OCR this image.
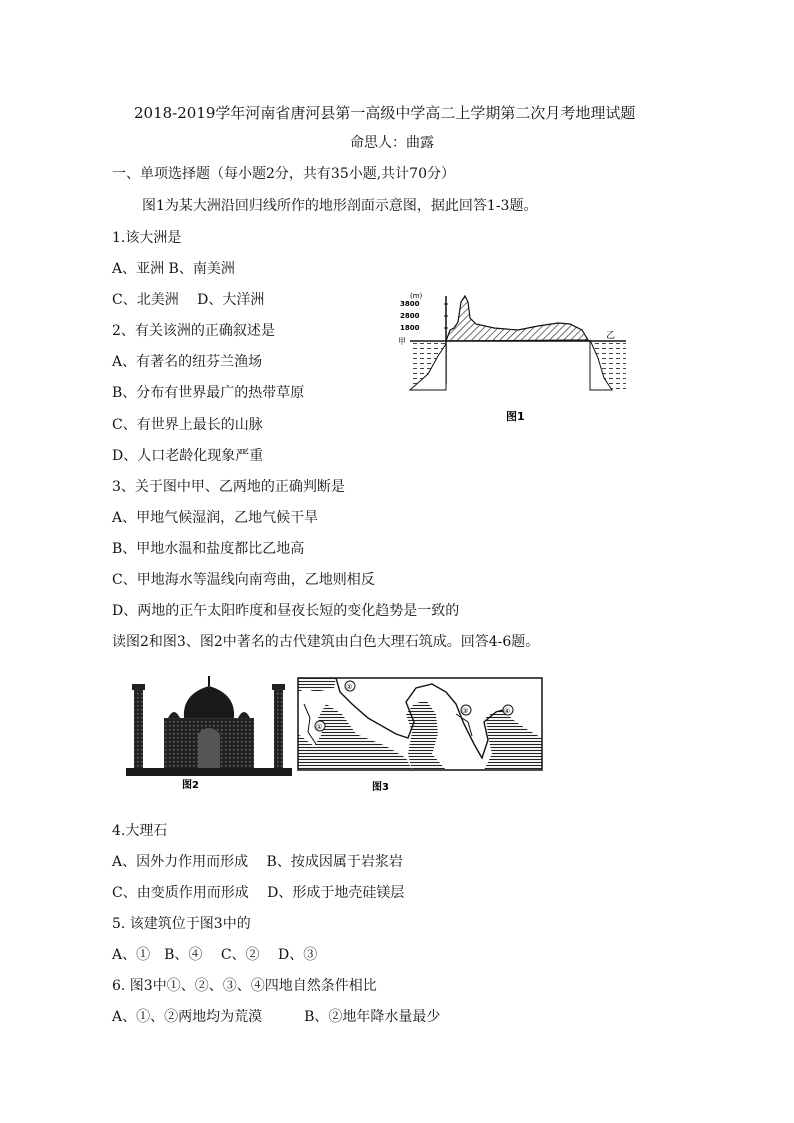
2018-2019学年河南省唐河县第一高级中学高二上学期第二次月考地理试题
命思人：曲露
一、单项选择题（每小题2分，共有35小题,共计70分）
图1为某大洲沿回归线所作的地形剖面示意图，据此回答1-3题。
1.该大洲是
A、亚洲 B、南美洲
C、北美洲　 D、大洋洲
2、有关该洲的正确叙述是
A、有著名的纽芬兰渔场
B、分布有世界最广的热带草原
C、有世界上最长的山脉
D、人口老龄化现象严重
3、关于图中甲、乙两地的正确判断是
A、甲地气候湿润，乙地气候干旱
B、甲地水温和盐度都比乙地高
C、甲地海水等温线向南弯曲，乙地则相反
D、两地的正午太阳昨度和昼夜长短的变化趋势是一致的
读图2和图3、图2中著名的古代建筑由白色大理石筑成。回答4-6题。
4.大理石
A、因外力作用而形成　 B、按成因属于岩浆岩
C、由变质作用而形成　 D、形成于地壳硅镁层
5. 该建筑位于图3中的
A、①　B、④　 C、②　 D、③
6. 图3中①、②、③、④四地自然条件相比
A、①、②两地均为荒漠　　　B、②地年降水量最少
(m)
3800
2800
1800
甲
乙
图1
图2
①
②
③	④
图3
